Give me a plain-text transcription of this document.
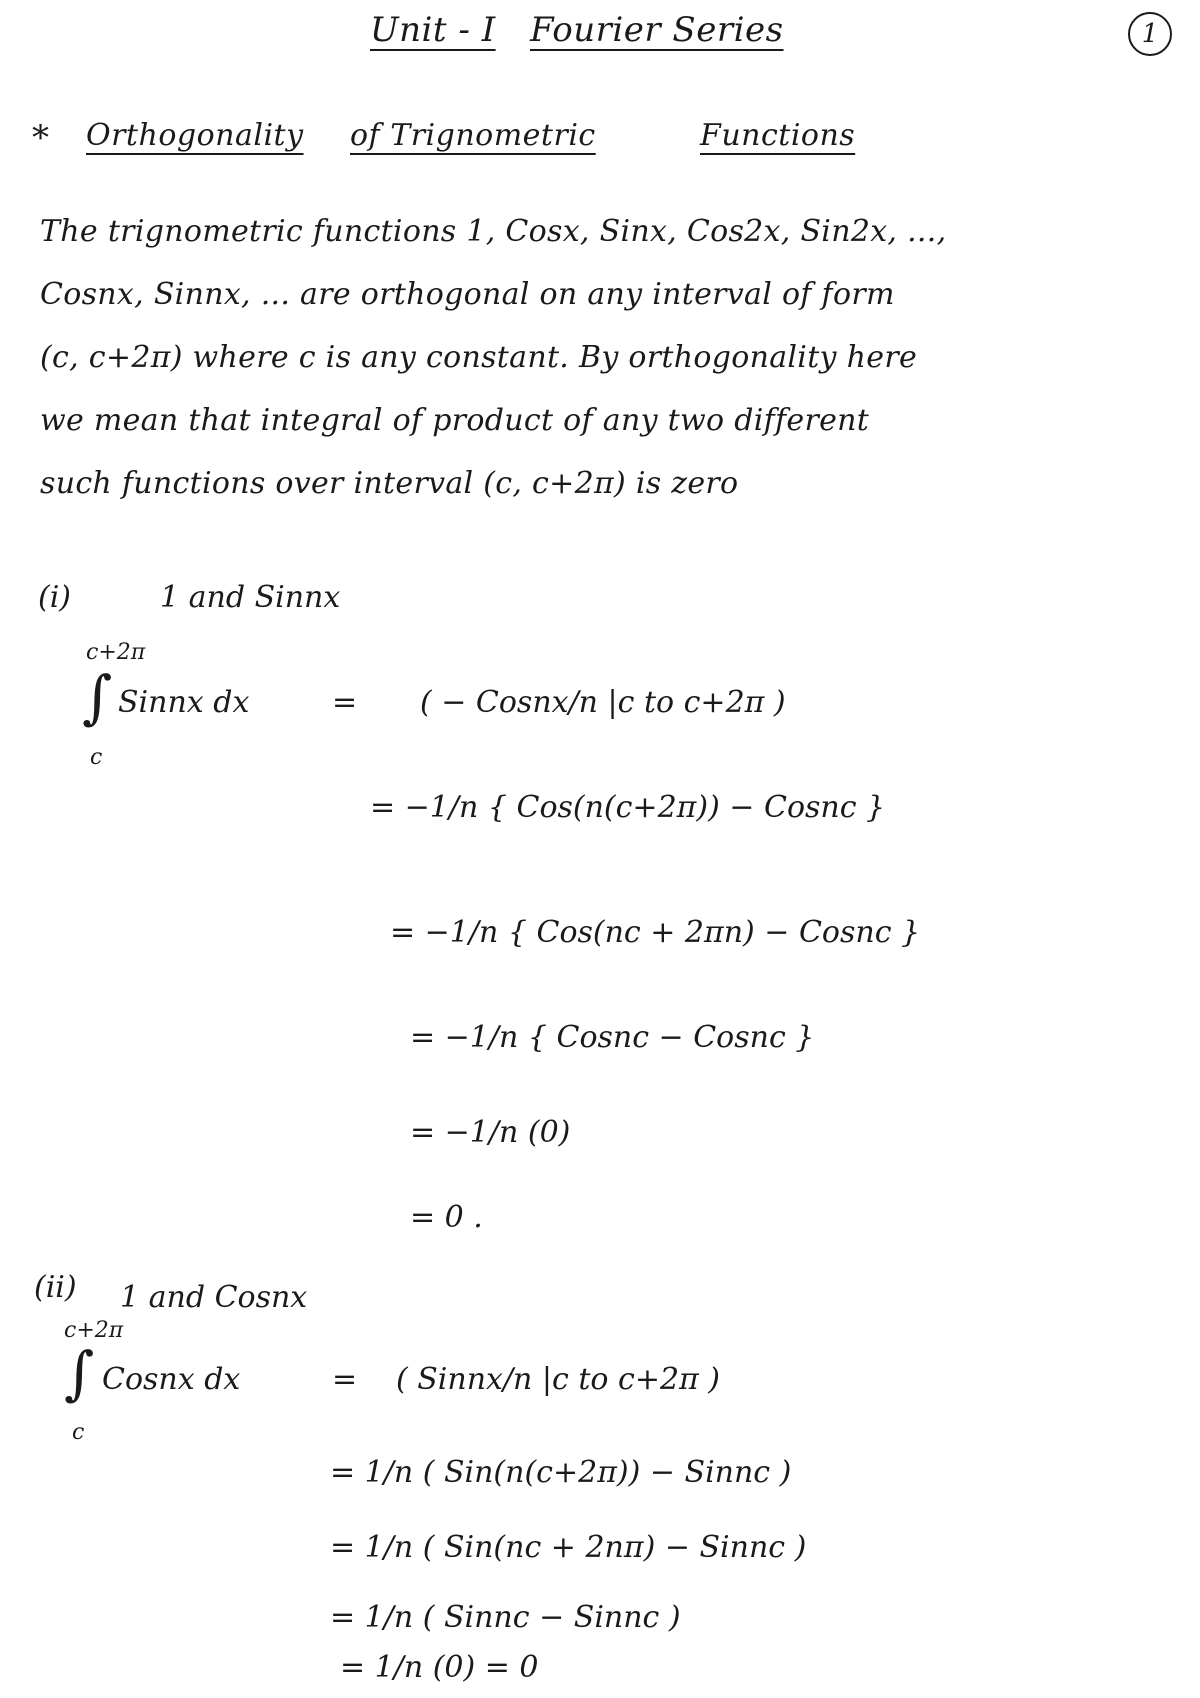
Unit - I Fourier Series	1
* Orthogonality of Trignometric	Functions
The trignometric functions 1, Cosx, Sinx, Cos2x, Sin2x, ...,
Cosnx, Sinnx, ... are orthogonal on any interval of form
(c, c+2π) where c is any constant. By orthogonality here
we mean that integral of product of any two different
such functions over interval (c, c+2π) is zero
(i)	1 and Sinnx
c+2π
∫ Sinnx dx
c
= ( − Cosnx/n |c to c+2π )
= −1/n { Cos(n(c+2π)) − Cosnc }
= −1/n { Cos(nc + 2πn) − Cosnc }
= −1/n { Cosnc − Cosnc }
= −1/n (0)
= 0 .
(ii) 1 and Cosnx
c+2π
∫ Cosnx dx
c
= ( Sinnx/n |c to c+2π )
= 1/n ( Sin(n(c+2π)) − Sinnc )
= 1/n ( Sin(nc + 2nπ) − Sinnc )
= 1/n ( Sinnc − Sinnc )
= 1/n (0) = 0
